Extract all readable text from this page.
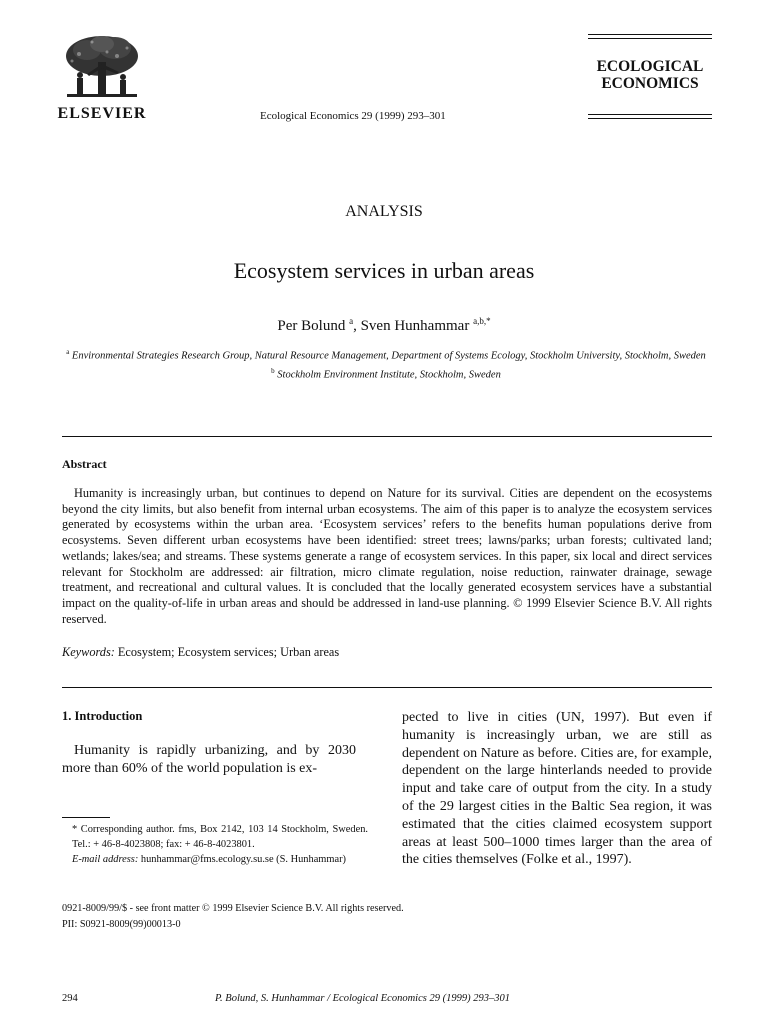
ELSEVIER	Ecological Economics 29 (1999) 293–301
ECOLOGICAL
ECONOMICS
ANALYSIS
Ecosystem services in urban areas
Per Bolund $^a$, Sven Hunhammar $^{a,b,*}$
$^a$ Environmental Strategies Research Group, Natural Resource Management, Department of Systems Ecology, Stockholm University, Stockholm, Sweden
$^b$ Stockholm Environment Institute, Stockholm, Sweden
Abstract
Humanity is increasingly urban, but continues to depend on Nature for its survival. Cities are dependent on the ecosystems beyond the city limits, but also benefit from internal urban ecosystems. The aim of this paper is to analyze the ecosystem services generated by ecosystems within the urban area. ‘Ecosystem services’ refers to the benefits human populations derive from ecosystems. Seven different urban ecosystems have been identified: street trees; lawns/parks; urban forests; cultivated land; wetlands; lakes/sea; and streams. These systems generate a range of ecosystem services. In this paper, six local and direct services relevant for Stockholm are addressed: air filtration, micro climate regulation, noise reduction, rainwater drainage, sewage treatment, and recreational and cultural values. It is concluded that the locally generated ecosystem services have a substantial impact on the quality-of-life in urban areas and should be addressed in land-use planning. © 1999 Elsevier Science B.V. All rights reserved.
Keywords: Ecosystem; Ecosystem services; Urban areas
1. Introduction
Humanity is rapidly urbanizing, and by 2030 more than 60% of the world population is ex-
pected to live in cities (UN, 1997). But even if humanity is increasingly urban, we are still as dependent on Nature as before. Cities are, for example, dependent on the large hinterlands needed to provide input and take care of output from the city. In a study of the 29 largest cities in the Baltic Sea region, it was estimated that the cities claimed ecosystem support areas at least 500–1000 times larger than the area of the cities themselves (Folke et al., 1997).
* Corresponding author. fms, Box 2142, 103 14 Stockholm, Sweden. Tel.: + 46-8-4023808; fax: + 46-8-4023801.
E-mail address: hunhammar@fms.ecology.su.se (S. Hunhammar)
0921-8009/99/$ - see front matter © 1999 Elsevier Science B.V. All rights reserved.
PII: S0921-8009(99)00013-0
294	P. Bolund, S. Hunhammar / Ecological Economics 29 (1999) 293–301
